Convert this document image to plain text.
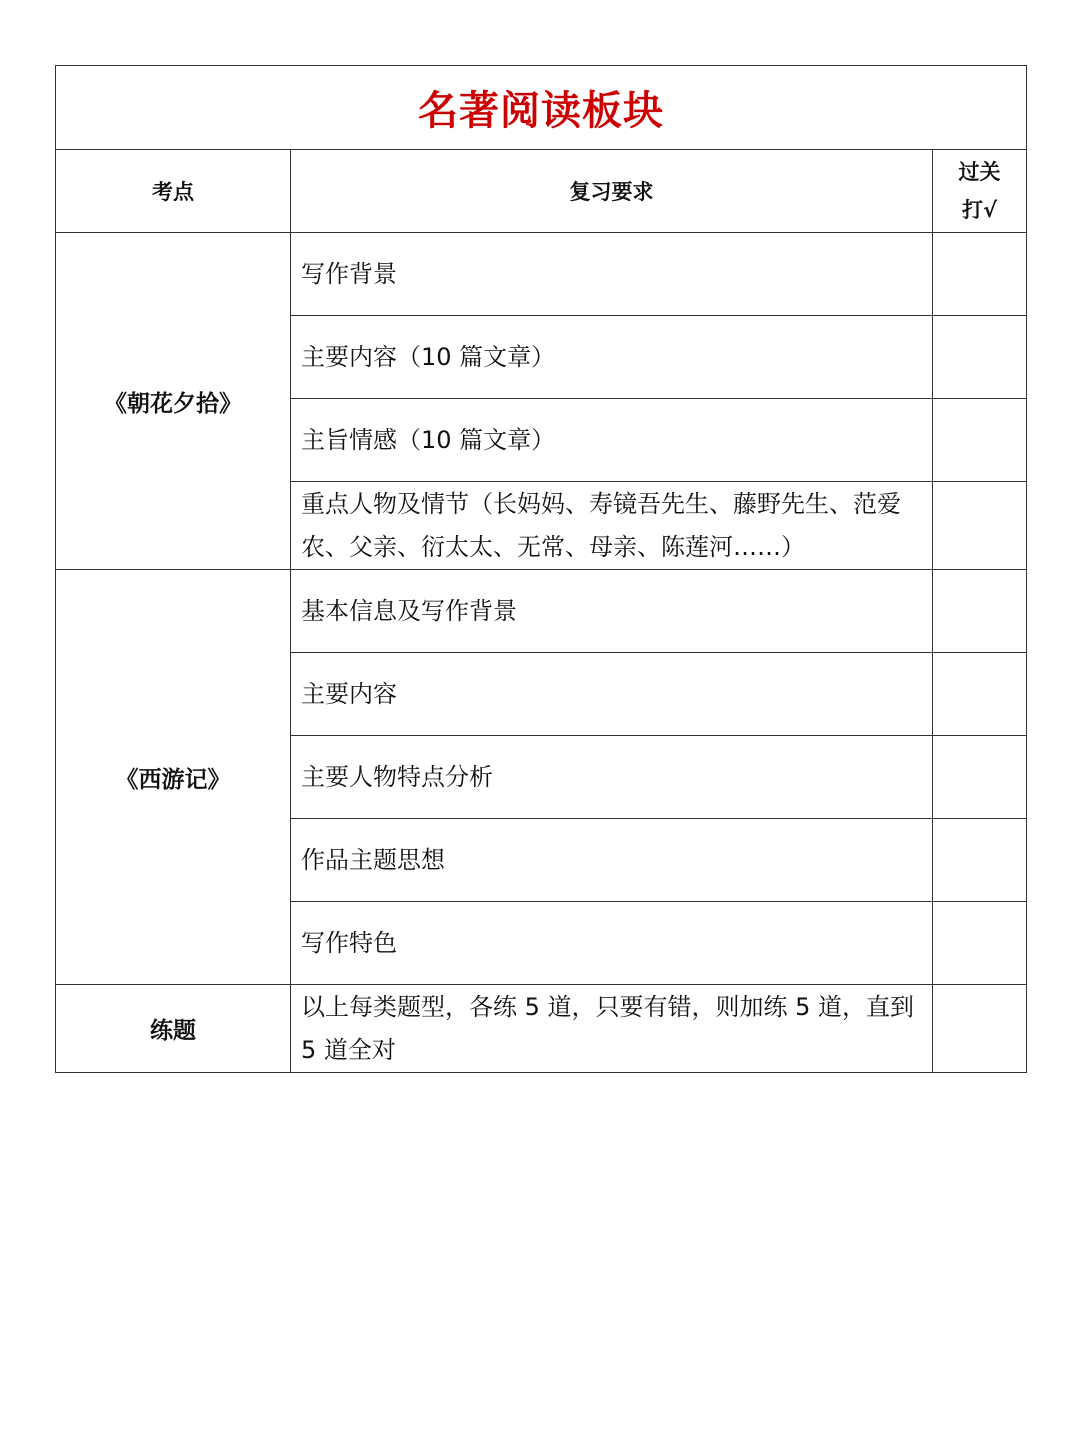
名著阅读板块		
考点	复习要求	过关
打√

《朝花夕拾》	写作背景	
	主要内容（10 篇文章）	
	主旨情感（10 篇文章）	
	重点人物及情节（长妈妈、寿镜吾先生、藤野先生、范爱农、父亲、衍太太、无常、母亲、陈莲河……）	
《西游记》	基本信息及写作背景	
	主要内容	
	主要人物特点分析	
	作品主题思想	
	写作特色	
练题	以上每类题型，各练 5 道，只要有错，则加练 5 道，直到 5 道全对	
